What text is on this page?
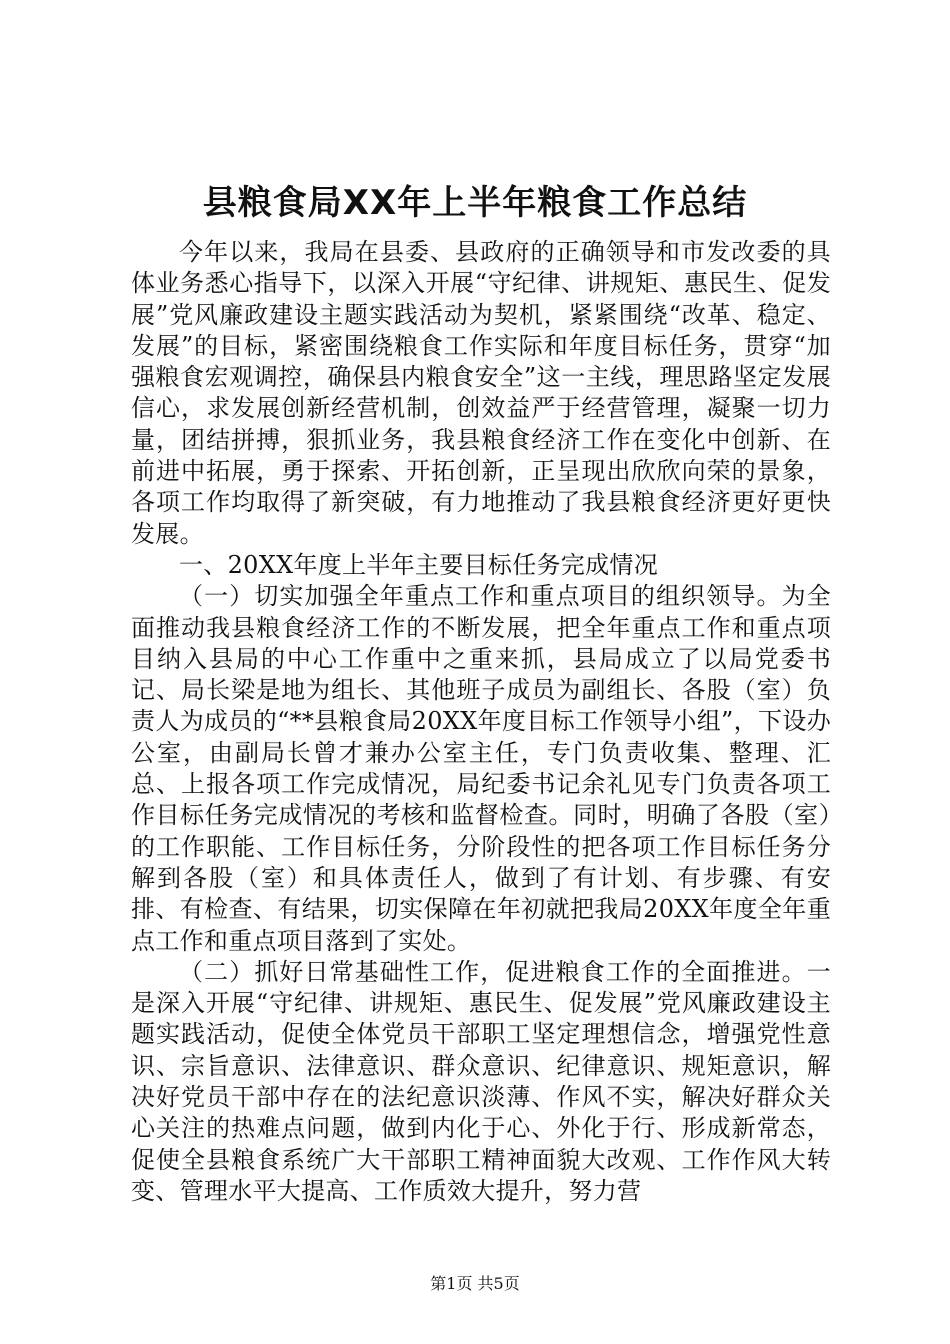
县粮食局XX年上半年粮食工作总结

今年以来，我局在县委、县政府的正确领导和市发改委的具体业务悉心指导下，以深入开展“守纪律、讲规矩、惠民生、促发展”党风廉政建设主题实践活动为契机，紧紧围绕“改革、稳定、发展”的目标，紧密围绕粮食工作实际和年度目标任务，贯穿“加强粮食宏观调控，确保县内粮食安全”这一主线，理思路坚定发展信心，求发展创新经营机制，创效益严于经营管理，凝聚一切力量，团结拼搏，狠抓业务，我县粮食经济工作在变化中创新、在前进中拓展，勇于探索、开拓创新，正呈现出欣欣向荣的景象，各项工作均取得了新突破，有力地推动了我县粮食经济更好更快发展。

一、20XX年度上半年主要目标任务完成情况

（一）切实加强全年重点工作和重点项目的组织领导。为全面推动我县粮食经济工作的不断发展，把全年重点工作和重点项目纳入县局的中心工作重中之重来抓，县局成立了以局党委书记、局长梁是地为组长、其他班子成员为副组长、各股（室）负责人为成员的“**县粮食局20XX年度目标工作领导小组”，下设办公室，由副局长曾才兼办公室主任，专门负责收集、整理、汇总、上报各项工作完成情况，局纪委书记余礼见专门负责各项工作目标任务完成情况的考核和监督检查。同时，明确了各股（室）的工作职能、工作目标任务，分阶段性的把各项工作目标任务分解到各股（室）和具体责任人，做到了有计划、有步骤、有安排、有检查、有结果，切实保障在年初就把我局20XX年度全年重点工作和重点项目落到了实处。

（二）抓好日常基础性工作，促进粮食工作的全面推进。一是深入开展“守纪律、讲规矩、惠民生、促发展”党风廉政建设主题实践活动，促使全体党员干部职工坚定理想信念，增强党性意识、宗旨意识、法律意识、群众意识、纪律意识、规矩意识，解决好党员干部中存在的法纪意识淡薄、作风不实，解决好群众关心关注的热难点问题，做到内化于心、外化于行、形成新常态，促使全县粮食系统广大干部职工精神面貌大改观、工作作风大转变、管理水平大提高、工作质效大提升，努力营

第1页 共5页
